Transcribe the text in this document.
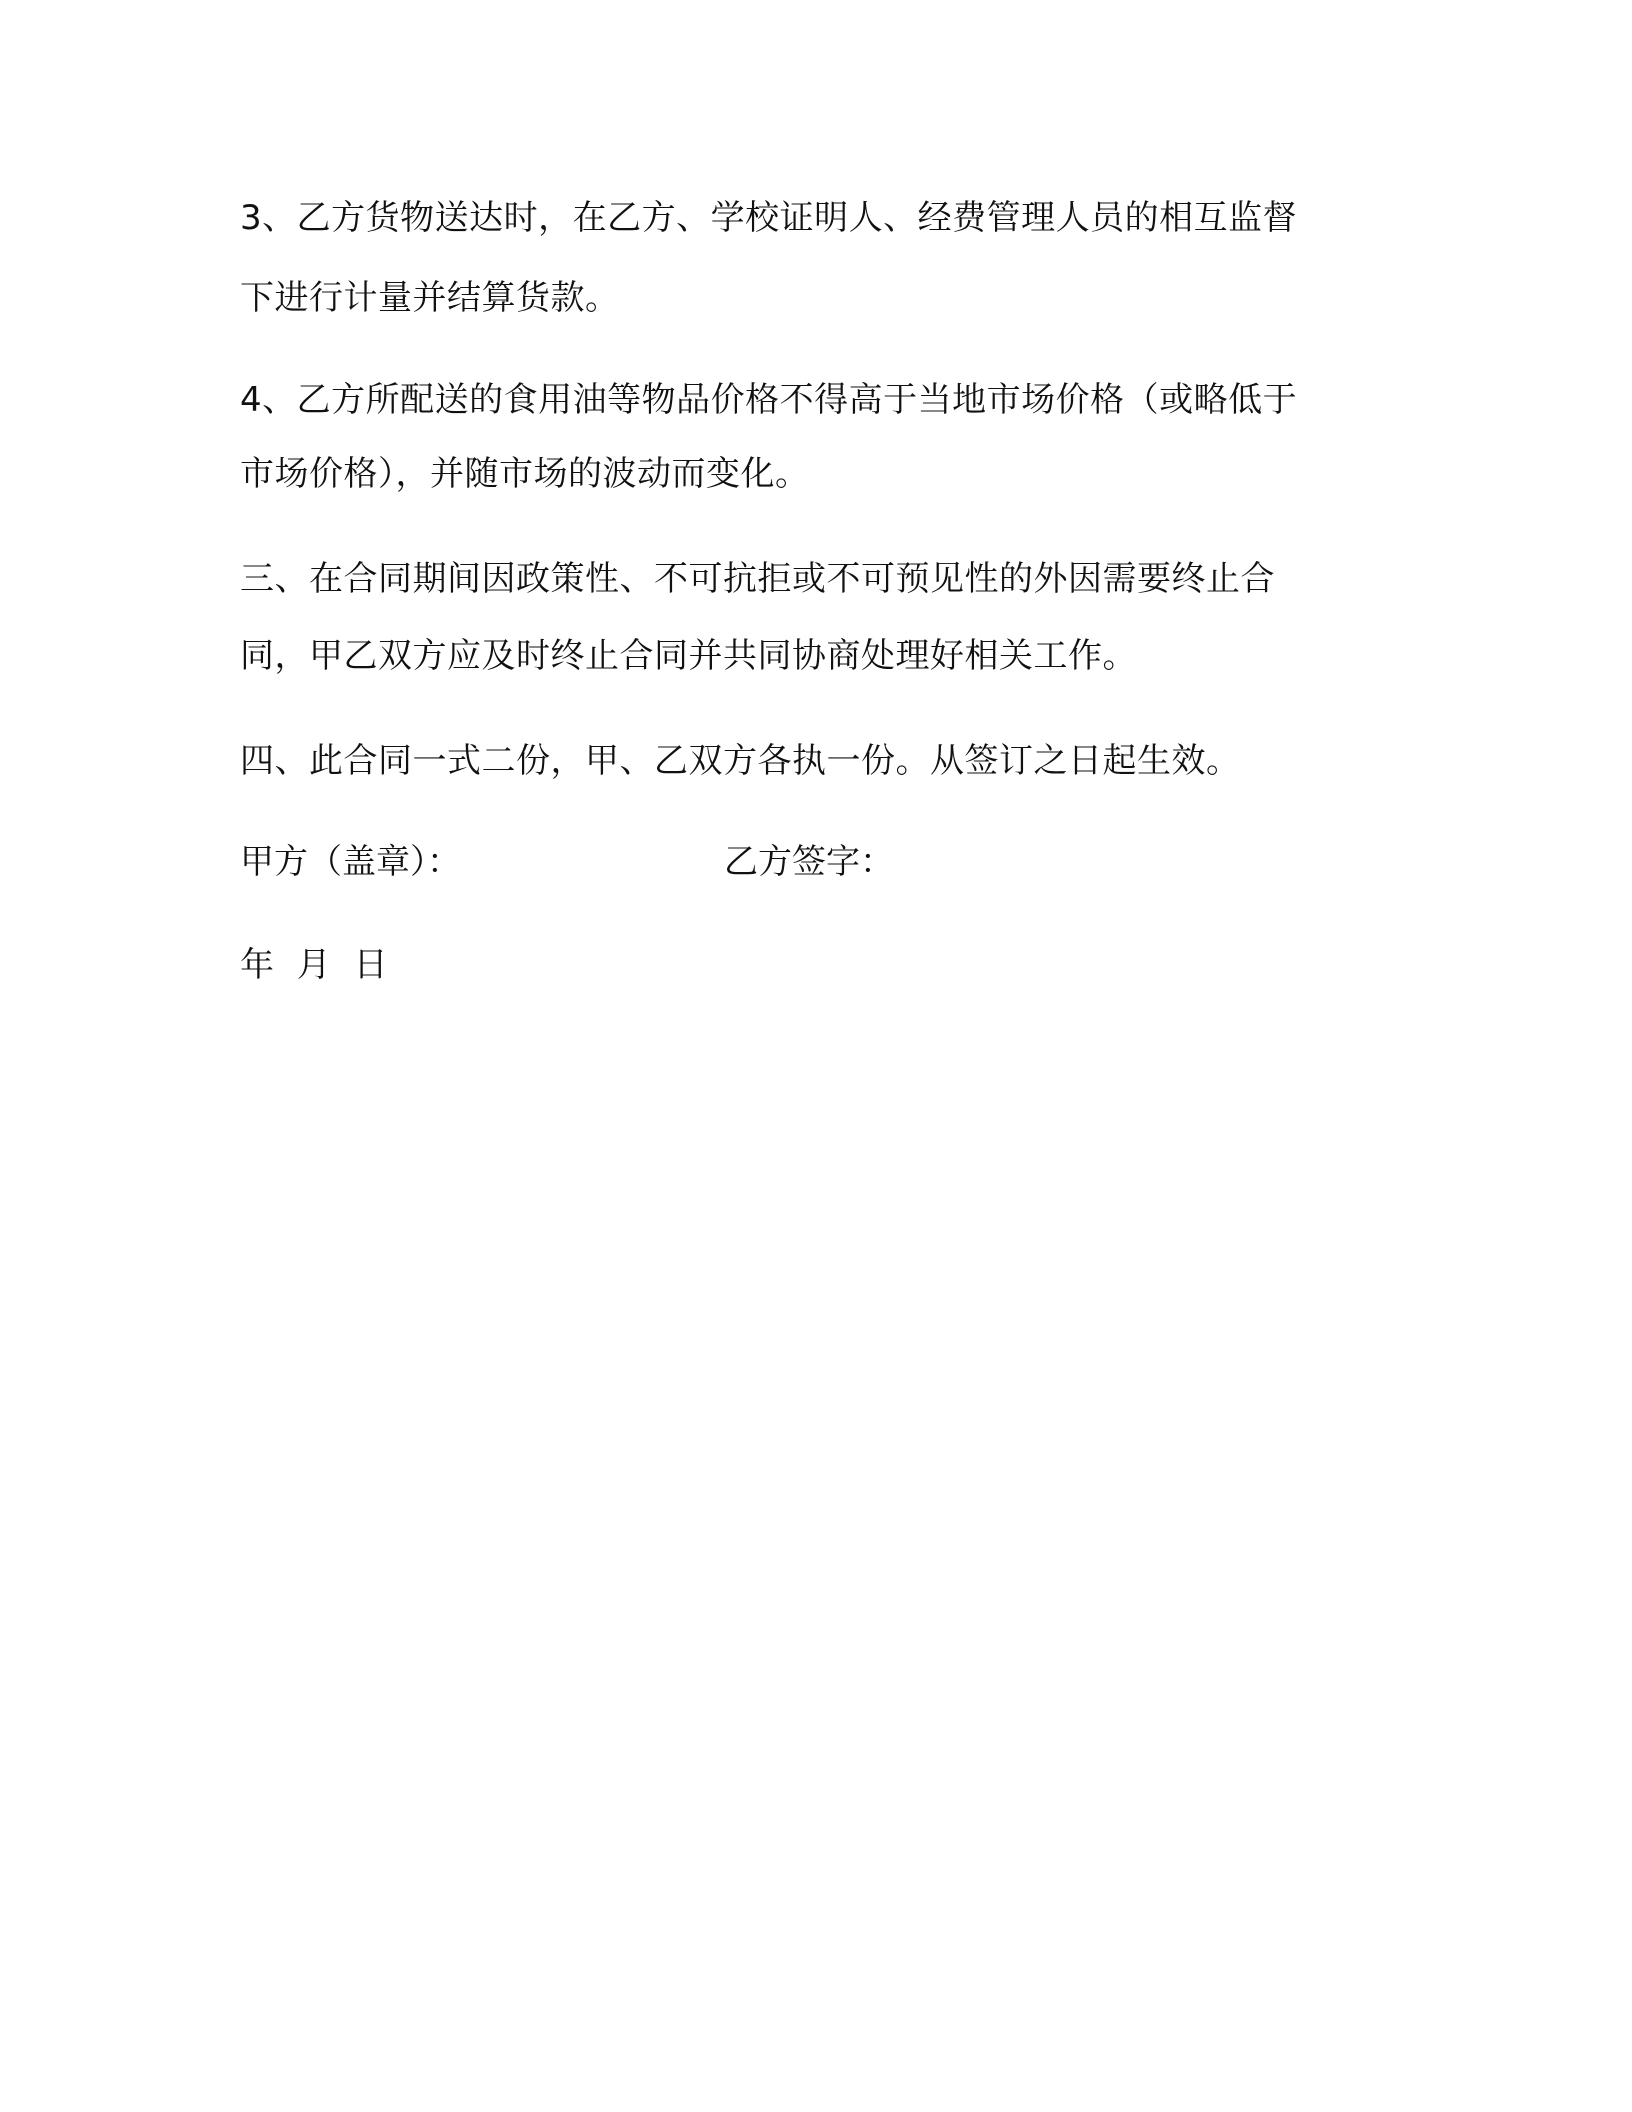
3、乙方货物送达时，在乙方、学校证明人、经费管理人员的相互监督
下进行计量并结算货款。
4、乙方所配送的食用油等物品价格不得高于当地市场价格（或略低于
市场价格），并随市场的波动而变化。
三、在合同期间因政策性、不可抗拒或不可预见性的外因需要终止合
同，甲乙双方应及时终止合同并共同协商处理好相关工作。
四、此合同一式二份，甲、乙双方各执一份。从签订之日起生效。
甲方（盖章）：	乙方签字：
年 月 日
